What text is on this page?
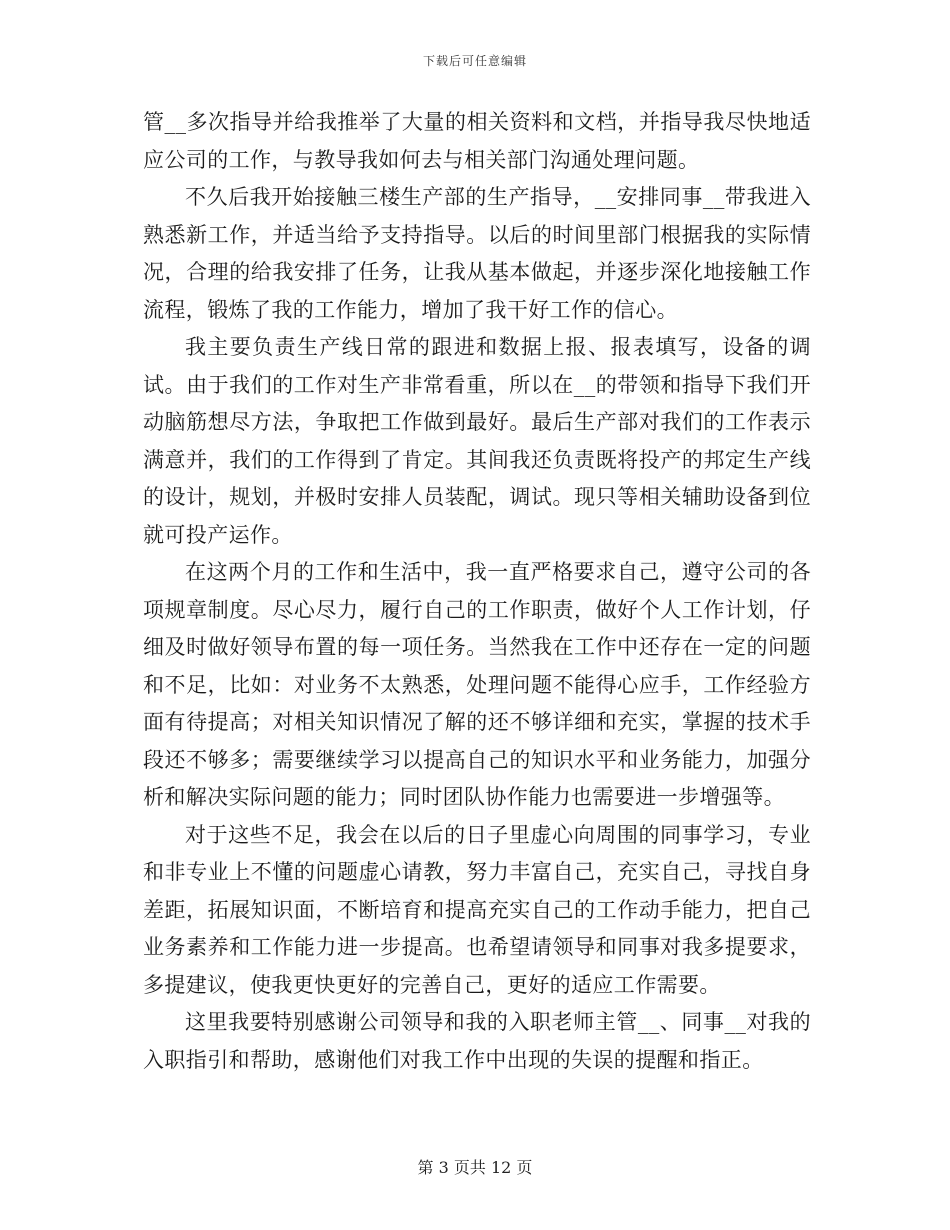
下载后可任意编辑

管__多次指导并给我推举了大量的相关资料和文档，并指导我尽快地适应公司的工作，与教导我如何去与相关部门沟通处理问题。

不久后我开始接触三楼生产部的生产指导，__安排同事__带我进入熟悉新工作，并适当给予支持指导。以后的时间里部门根据我的实际情况，合理的给我安排了任务，让我从基本做起，并逐步深化地接触工作流程，锻炼了我的工作能力，增加了我干好工作的信心。

我主要负责生产线日常的跟进和数据上报、报表填写，设备的调试。由于我们的工作对生产非常看重，所以在__的带领和指导下我们开动脑筋想尽方法，争取把工作做到最好。最后生产部对我们的工作表示满意并，我们的工作得到了肯定。其间我还负责既将投产的邦定生产线的设计，规划，并极时安排人员装配，调试。现只等相关辅助设备到位就可投产运作。

在这两个月的工作和生活中，我一直严格要求自己，遵守公司的各项规章制度。尽心尽力，履行自己的工作职责，做好个人工作计划，仔细及时做好领导布置的每一项任务。当然我在工作中还存在一定的问题和不足，比如：对业务不太熟悉，处理问题不能得心应手，工作经验方面有待提高；对相关知识情况了解的还不够详细和充实，掌握的技术手段还不够多；需要继续学习以提高自己的知识水平和业务能力，加强分析和解决实际问题的能力；同时团队协作能力也需要进一步增强等。

对于这些不足，我会在以后的日子里虚心向周围的同事学习，专业和非专业上不懂的问题虚心请教，努力丰富自己，充实自己，寻找自身差距，拓展知识面，不断培育和提高充实自己的工作动手能力，把自己业务素养和工作能力进一步提高。也希望请领导和同事对我多提要求，多提建议，使我更快更好的完善自己，更好的适应工作需要。

这里我要特别感谢公司领导和我的入职老师主管__、同事__对我的入职指引和帮助，感谢他们对我工作中出现的失误的提醒和指正。

第 3 页共 12 页
